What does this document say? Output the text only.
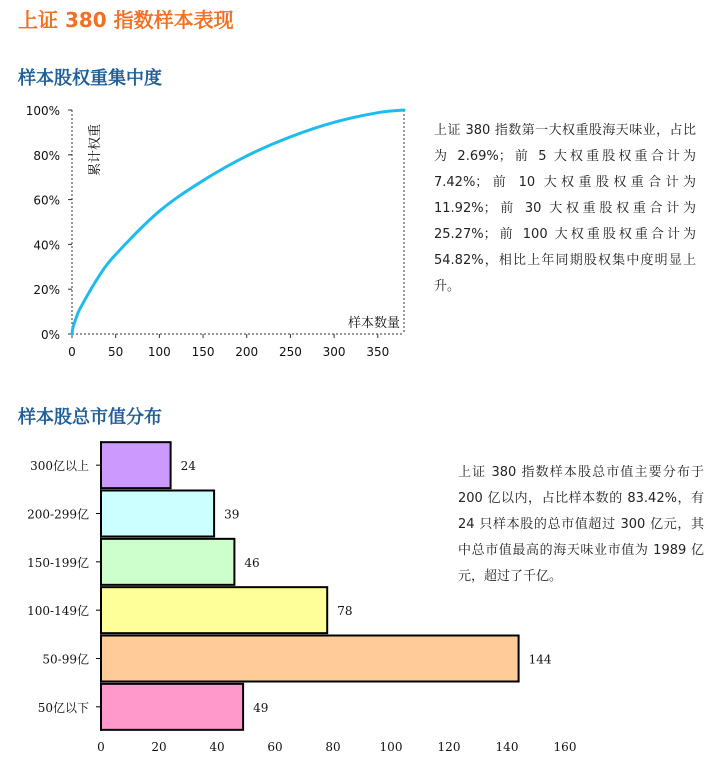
上证 380 指数样本表现
样本股权重集中度
0%
20%
40%
60%
80%
100%
0	50 100 150 200 250 300 350
累计权重
样本数量
上证 380 指数第一大权重股海天味业，占比为 2.69%；前 5 大权重股权重合计为 7.42%；前 10 大权重股权重合计为 11.92%；前 30 大权重股权重合计为 25.27%；前 100 大权重股权重合计为 54.82%，相比上年同期股权集中度明显上升。
样本股总市值分布
0	20	40	60	80	100	120	140	160
300亿以上	24
200-299亿	39
150-199亿	46
100-149亿	78
50-99亿	144
50亿以下	49
上证 380 指数样本股总市值主要分布于 200 亿以内，占比样本数的 83.42%，有 24 只样本股的总市值超过 300 亿元，其中总市值最高的海天味业市值为 1989 亿元，超过了千亿。
